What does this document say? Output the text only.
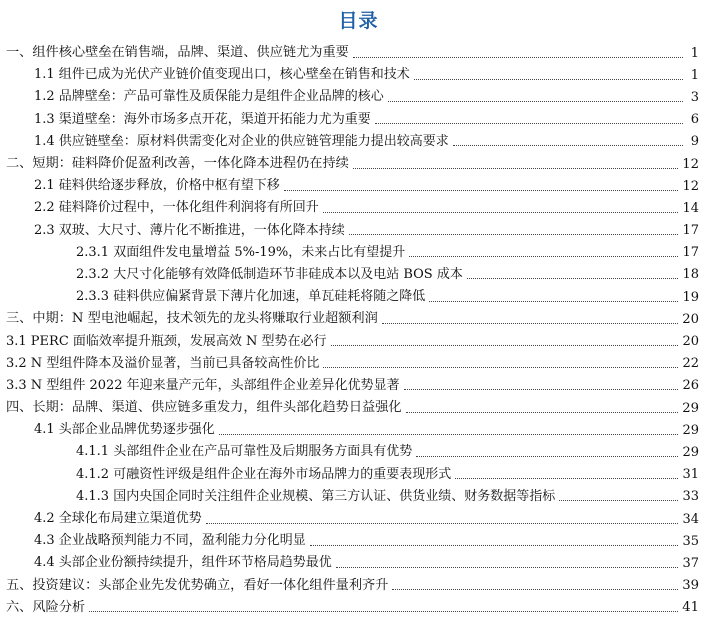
目录
一、组件核心壁垒在销售端，品牌、渠道、供应链尤为重要	1
1.1 组件已成为光伏产业链价值变现出口，核心壁垒在销售和技术	1
1.2 品牌壁垒：产品可靠性及质保能力是组件企业品牌的核心	3
1.3 渠道壁垒：海外市场多点开花，渠道开拓能力尤为重要	6
1.4 供应链壁垒：原材料供需变化对企业的供应链管理能力提出较高要求	9
二、短期：硅料降价促盈利改善，一体化降本进程仍在持续	12
2.1 硅料供给逐步释放，价格中枢有望下移	12
2.2 硅料降价过程中，一体化组件利润将有所回升	14
2.3 双玻、大尺寸、薄片化不断推进，一体化降本持续	17
2.3.1 双面组件发电量增益 5%-19%，未来占比有望提升	17
2.3.2 大尺寸化能够有效降低制造环节非硅成本以及电站 BOS 成本	18
2.3.3 硅料供应偏紧背景下薄片化加速，单瓦硅耗将随之降低	19
三、中期：N 型电池崛起，技术领先的龙头将赚取行业超额利润	20
3.1 PERC 面临效率提升瓶颈，发展高效 N 型势在必行	20
3.2 N 型组件降本及溢价显著，当前已具备较高性价比	22
3.3 N 型组件 2022 年迎来量产元年，头部组件企业差异化优势显著	26
四、长期：品牌、渠道、供应链多重发力，组件头部化趋势日益强化	29
4.1 头部企业品牌优势逐步强化	29
4.1.1 头部组件企业在产品可靠性及后期服务方面具有优势	29
4.1.2 可融资性评级是组件企业在海外市场品牌力的重要表现形式	31
4.1.3 国内央国企同时关注组件企业规模、第三方认证、供货业绩、财务数据等指标	33
4.2 全球化布局建立渠道优势	34
4.3 企业战略预判能力不同，盈利能力分化明显	35
4.4 头部企业份额持续提升，组件环节格局趋势最优	37
五、投资建议：头部企业先发优势确立，看好一体化组件量利齐升	39
六、风险分析	41
